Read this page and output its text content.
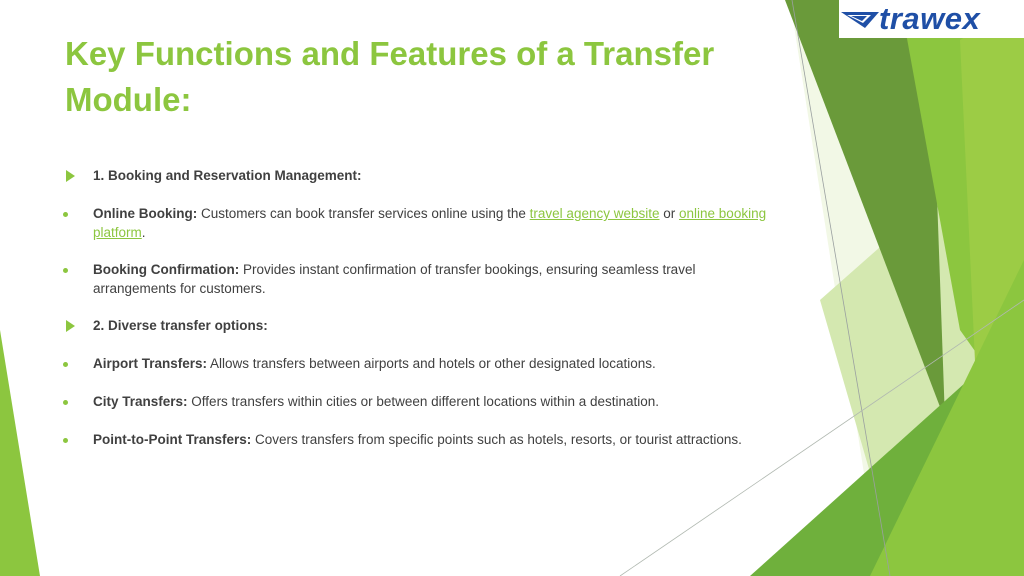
trawex
Key Functions and Features of a Transfer Module:
1. Booking and Reservation Management:
Online Booking: Customers can book transfer services online using the travel agency website or online booking platform.
Booking Confirmation: Provides instant confirmation of transfer bookings, ensuring seamless travel arrangements for customers.
2. Diverse transfer options:
Airport Transfers: Allows transfers between airports and hotels or other designated locations.
City Transfers: Offers transfers within cities or between different locations within a destination.
Point-to-Point Transfers: Covers transfers from specific points such as hotels, resorts, or tourist attractions.
